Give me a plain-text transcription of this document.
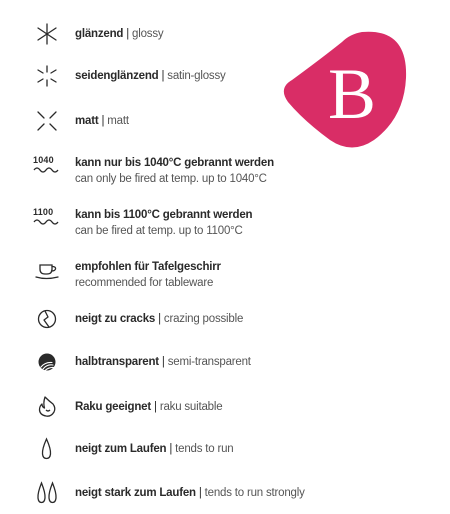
glänzend | glossy
seidenglänzend | satin-glossy
matt | matt
1040	kann nur bis 1040°C gebrannt werden
can only be fired at temp. up to 1040°C
1100	kann bis 1100°C gebrannt werden
can be fired at temp. up to 1100°C
empfohlen für Tafelgeschirr
recommended for tableware
neigt zu cracks | crazing possible
halbtransparent | semi-transparent
Raku geeignet | raku suitable
neigt zum Laufen | tends to run
neigt stark zum Laufen | tends to run strongly
B
